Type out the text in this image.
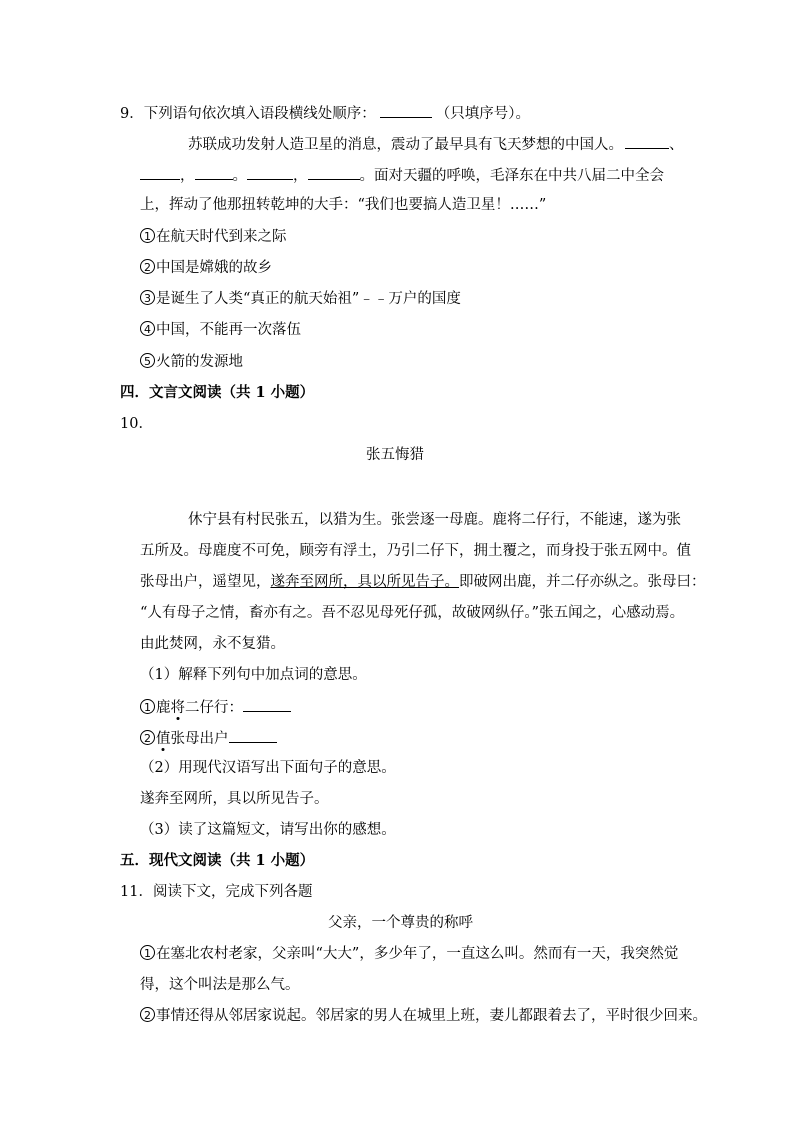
9．下列语句依次填入语段横线处顺序：	（只填序号）。
苏联成功发射人造卫星的消息，震动了最早具有飞天梦想的中国人。	、
，	。	，	。面对天疆的呼唤，毛泽东在中共八届二中全会
上，挥动了他那扭转乾坤的大手：“我们也要搞人造卫星！……”
1 在航天时代到来之际
2 中国是嫦娥的故乡
3 是诞生了人类“真正的航天始祖”﹣﹣万户的国度
4 中国，不能再一次落伍
5 火箭的发源地
四．文言文阅读（共 1 小题）
10．
张五悔猎
休宁县有村民张五，以猎为生。张尝逐一母鹿。鹿将二仔行，不能速，遂为张
五所及。母鹿度不可免，顾旁有浮土，乃引二仔下，拥土覆之，而身投于张五网中。值
张母出户，遥望见，遂奔至网所，具以所见告子。即破网出鹿，并二仔亦纵之。张母曰：
“人有母子之情，畜亦有之。吾不忍见母死仔孤，故破网纵仔。”张五闻之，心感动焉。
由此焚网，永不复猎。
（1）解释下列句中加点词的意思。
1 鹿将二仔行：
2 值张母出户
（2）用现代汉语写出下面句子的意思。
遂奔至网所，具以所见告子。
（3）读了这篇短文，请写出你的感想。
五．现代文阅读（共 1 小题）
11．阅读下文，完成下列各题
父亲，一个尊贵的称呼
1 在塞北农村老家，父亲叫“大大”，多少年了，一直这么叫。然而有一天，我突然觉
得，这个叫法是那么气。
2 事情还得从邻居家说起。邻居家的男人在城里上班，妻儿都跟着去了，平时很少回来。
